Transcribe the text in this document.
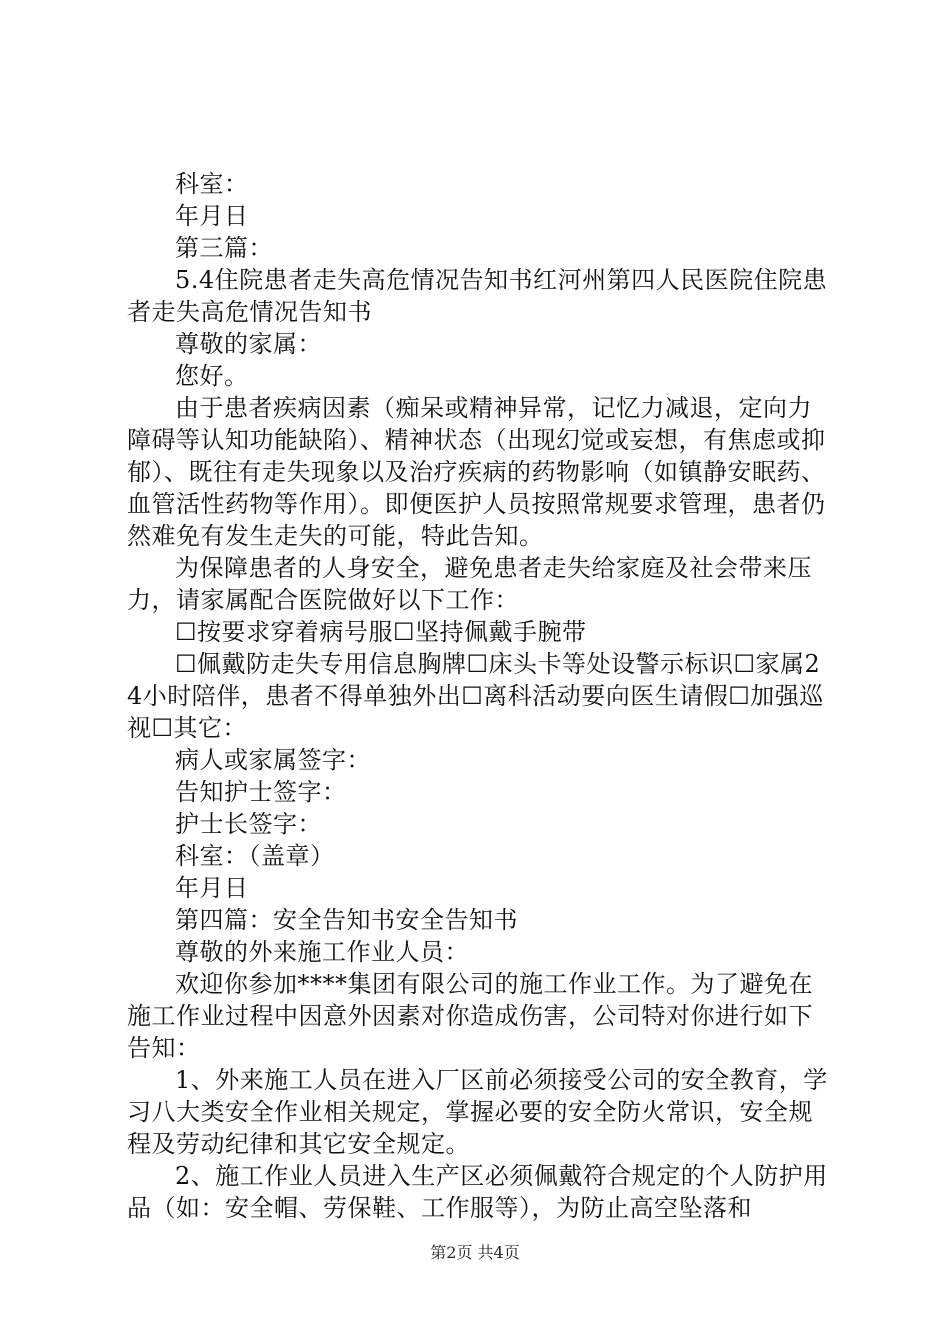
科室：

年月日

第三篇：

5.4住院患者走失高危情况告知书红河州第四人民医院住院患者走失高危情况告知书

尊敬的家属：

您好。

由于患者疾病因素（痴呆或精神异常，记忆力减退，定向力障碍等认知功能缺陷）、精神状态（出现幻觉或妄想，有焦虑或抑郁）、既往有走失现象以及治疗疾病的药物影响（如镇静安眠药、血管活性药物等作用）。即便医护人员按照常规要求管理，患者仍然难免有发生走失的可能，特此告知。

为保障患者的人身安全，避免患者走失给家庭及社会带来压力，请家属配合医院做好以下工作：

☐按要求穿着病号服☐坚持佩戴手腕带

☐佩戴防走失专用信息胸牌☐床头卡等处设警示标识☐家属24小时陪伴，患者不得单独外出☐离科活动要向医生请假☐加强巡视☐其它：

病人或家属签字：

告知护士签字：

护士长签字：

科室：（盖章）

年月日

第四篇：安全告知书安全告知书

尊敬的外来施工作业人员：

欢迎你参加****集团有限公司的施工作业工作。为了避免在施工作业过程中因意外因素对你造成伤害，公司特对你进行如下告知：

1、外来施工人员在进入厂区前必须接受公司的安全教育，学习八大类安全作业相关规定，掌握必要的安全防火常识，安全规程及劳动纪律和其它安全规定。

2、施工作业人员进入生产区必须佩戴符合规定的个人防护用品（如：安全帽、劳保鞋、工作服等），为防止高空坠落和

第2页 共4页
